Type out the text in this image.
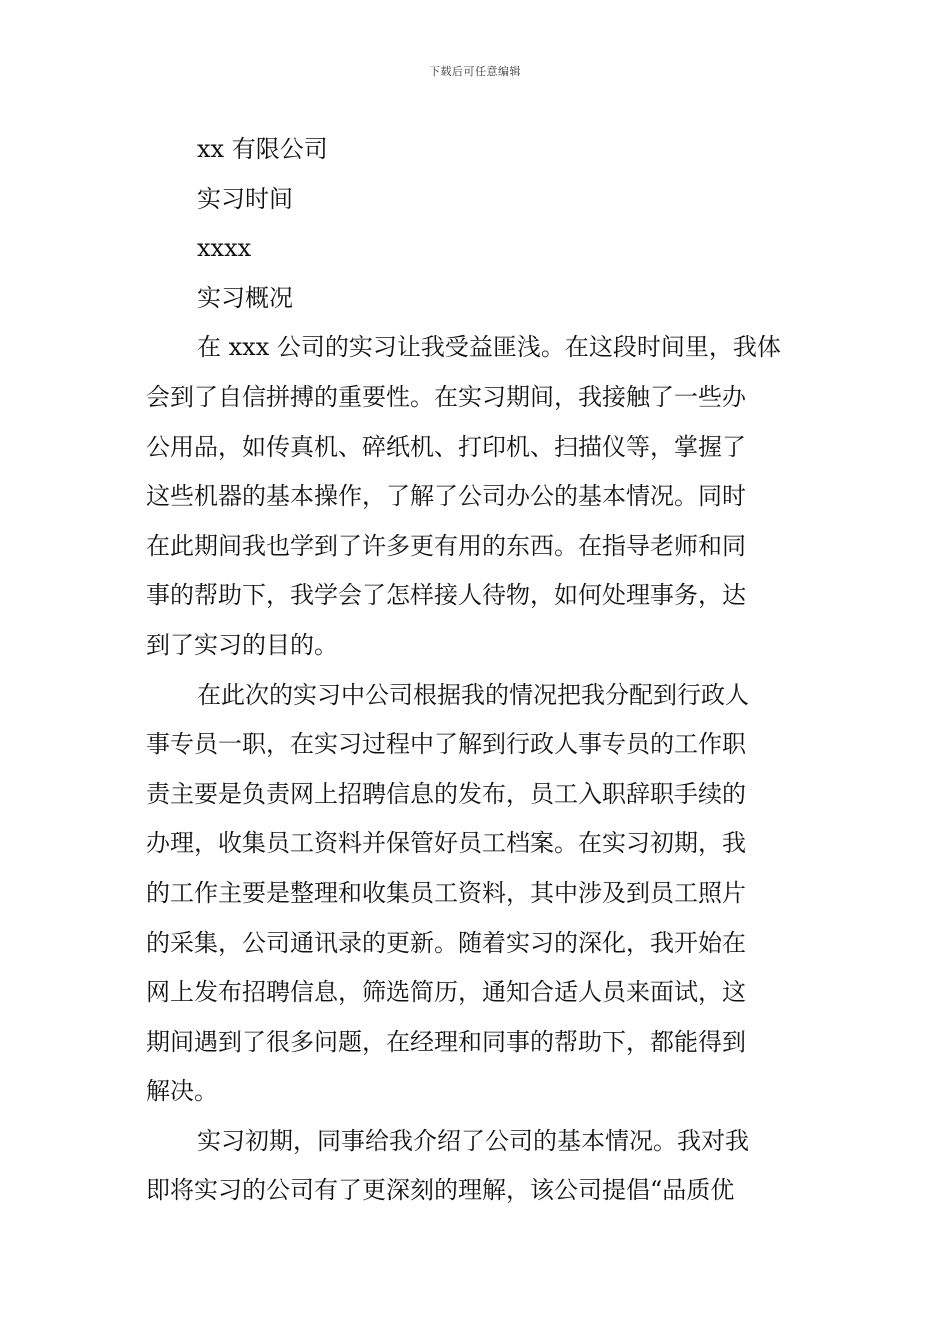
下载后可任意编辑
xx 有限公司
实习时间
xxxx
实习概况
在 xxx 公司的实习让我受益匪浅。在这段时间里，我体
会到了自信拼搏的重要性。在实习期间，我接触了一些办
公用品，如传真机、碎纸机、打印机、扫描仪等，掌握了
这些机器的基本操作，了解了公司办公的基本情况。同时
在此期间我也学到了许多更有用的东西。在指导老师和同
事的帮助下，我学会了怎样接人待物，如何处理事务，达
到了实习的目的。
在此次的实习中公司根据我的情况把我分配到行政人
事专员一职，在实习过程中了解到行政人事专员的工作职
责主要是负责网上招聘信息的发布，员工入职辞职手续的
办理，收集员工资料并保管好员工档案。在实习初期，我
的工作主要是整理和收集员工资料，其中涉及到员工照片
的采集，公司通讯录的更新。随着实习的深化，我开始在
网上发布招聘信息，筛选简历，通知合适人员来面试，这
期间遇到了很多问题，在经理和同事的帮助下，都能得到
解决。
实习初期，同事给我介绍了公司的基本情况。我对我
即将实习的公司有了更深刻的理解，该公司提倡“品质优
